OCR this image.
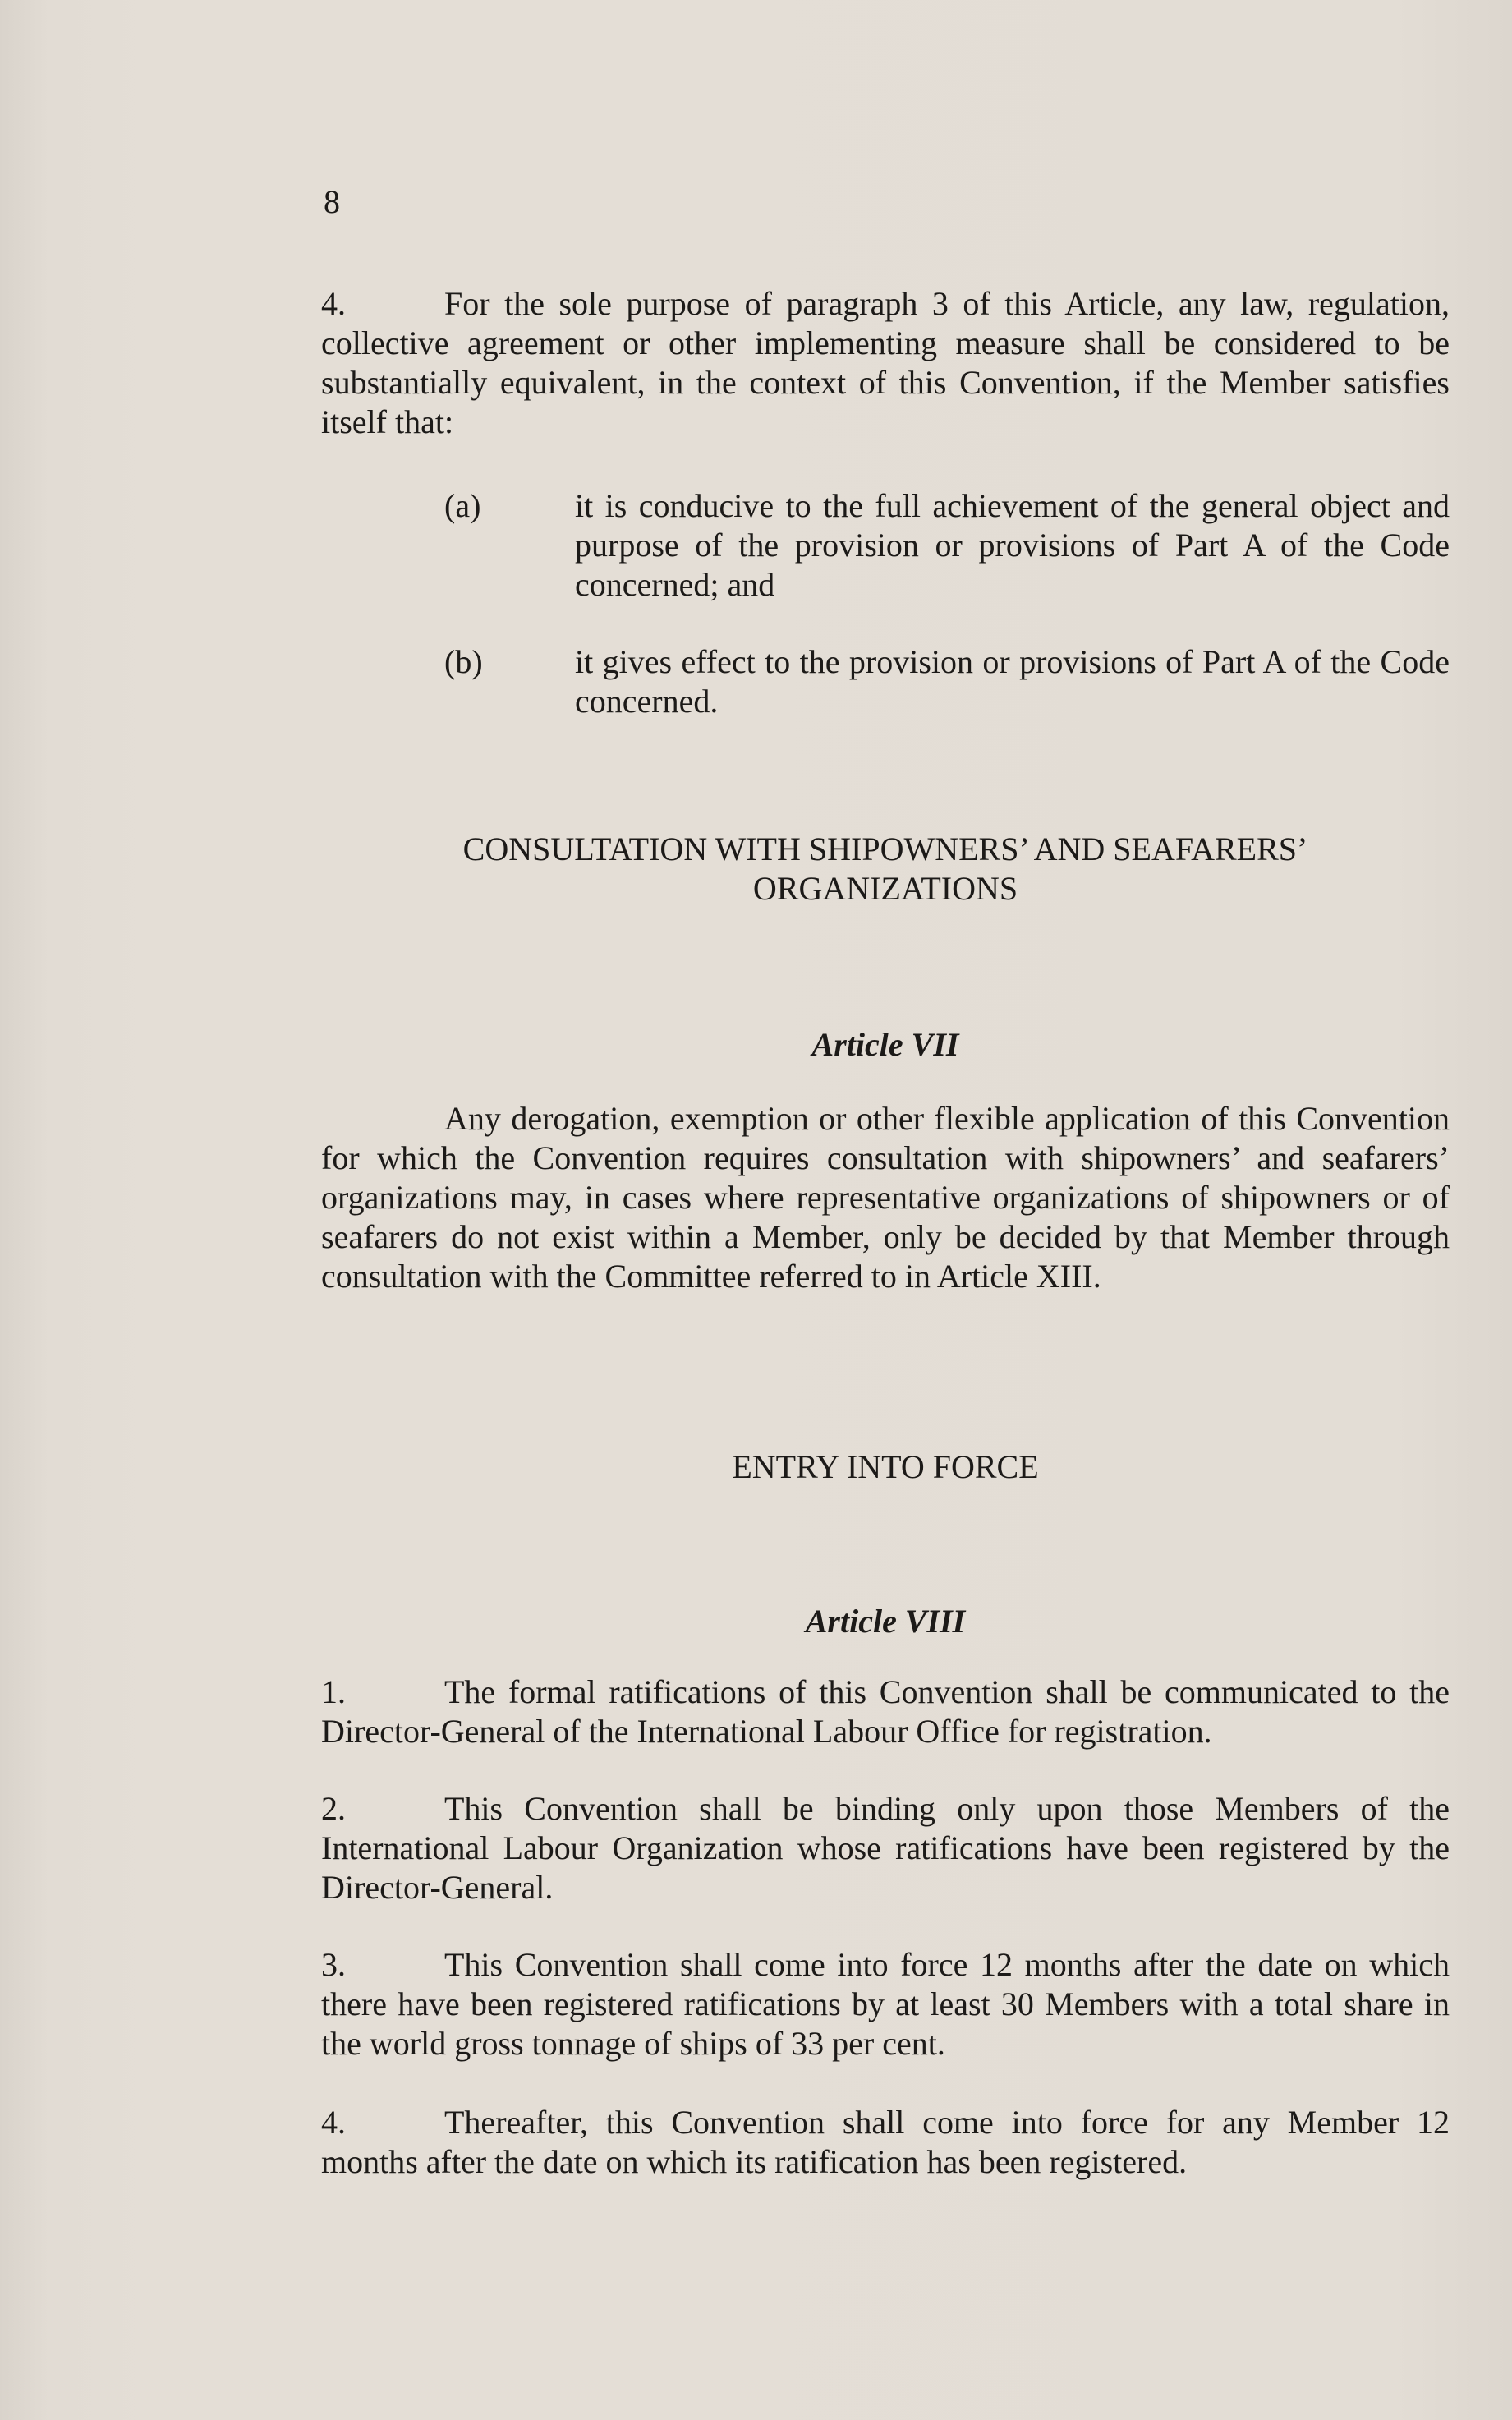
8

4.	For the sole purpose of paragraph 3 of this Article, any law, regulation, collective agreement or other implementing measure shall be considered to be substantially equivalent, in the context of this Convention, if the Member satisfies itself that:

(a)	it is conducive to the full achievement of the general object and purpose of the provision or provisions of Part A of the Code concerned; and
(b)	it gives effect to the provision or provisions of Part A of the Code concerned.
CONSULTATION WITH SHIPOWNERS’ AND SEAFARERS’
ORGANIZATIONS
Article VII

Any derogation, exemption or other flexible application of this Convention for which the Convention requires consultation with shipowners’ and seafarers’ organizations may, in cases where representative organizations of shipowners or of seafarers do not exist within a Member, only be decided by that Member through consultation with the Committee referred to in Article XIII.

ENTRY INTO FORCE
Article VIII

1.	The formal ratifications of this Convention shall be communicated to the Director-General of the International Labour Office for registration.

2.	This Convention shall be binding only upon those Members of the International Labour Organization whose ratifications have been registered by the Director-General.

3.	This Convention shall come into force 12 months after the date on which there have been registered ratifications by at least 30 Members with a total share in the world gross tonnage of ships of 33 per cent.

4.	Thereafter, this Convention shall come into force for any Member 12 months after the date on which its ratification has been registered.
